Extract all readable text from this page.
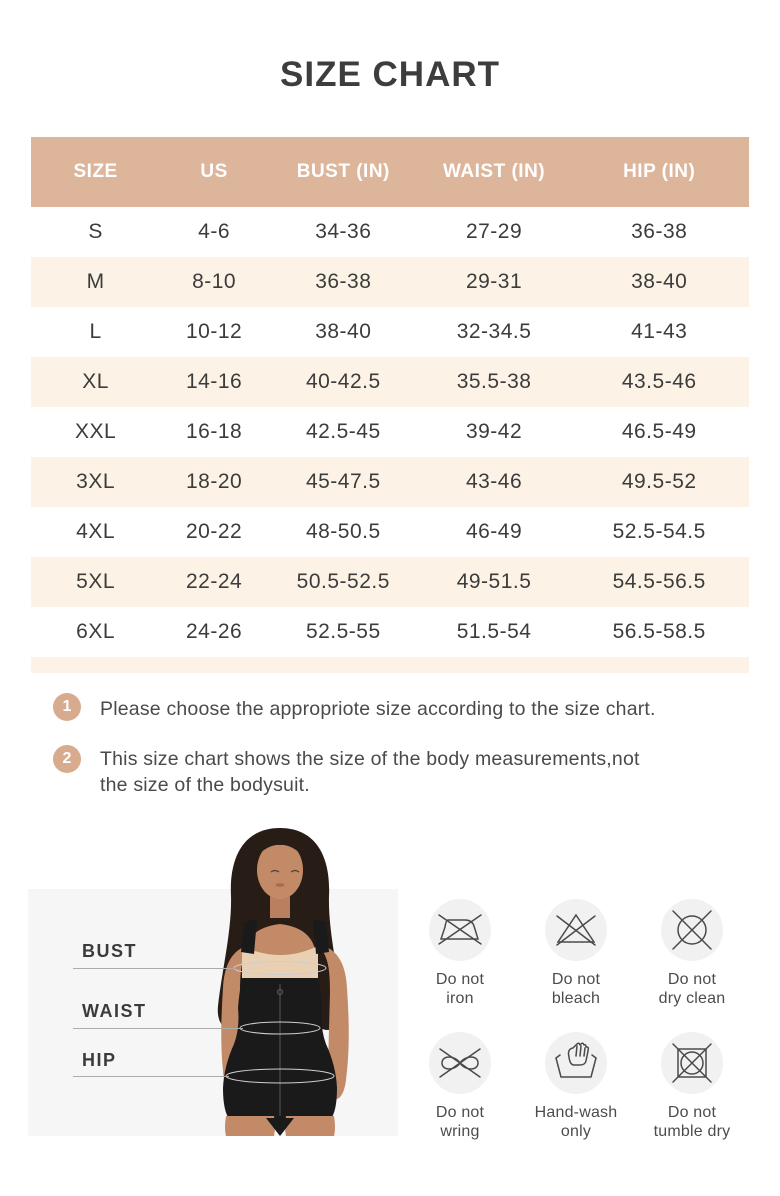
SIZE CHART
SIZE	US	BUST (IN)	WAIST (IN)	HIP (IN)
S	4-6	34-36	27-29	36-38
M	8-10	36-38	29-31	38-40
L	10-12	38-40	32-34.5	41-43
XL	14-16	40-42.5	35.5-38	43.5-46
XXL	16-18	42.5-45	39-42	46.5-49
3XL	18-20	45-47.5	43-46	49.5-52
4XL	20-22	48-50.5	46-49	52.5-54.5
5XL	22-24	50.5-52.5	49-51.5	54.5-56.5
6XL	24-26	52.5-55	51.5-54	56.5-58.5
1	Please choose the appropriote size according to the size chart.
2	This size chart shows the size of the body measurements,not the size of the bodysuit.
BUST
WAIST
HIP
Do not
iron
Do not
bleach
Do not
dry clean
Do not
wring
Hand-wash
only
Do not
tumble dry
